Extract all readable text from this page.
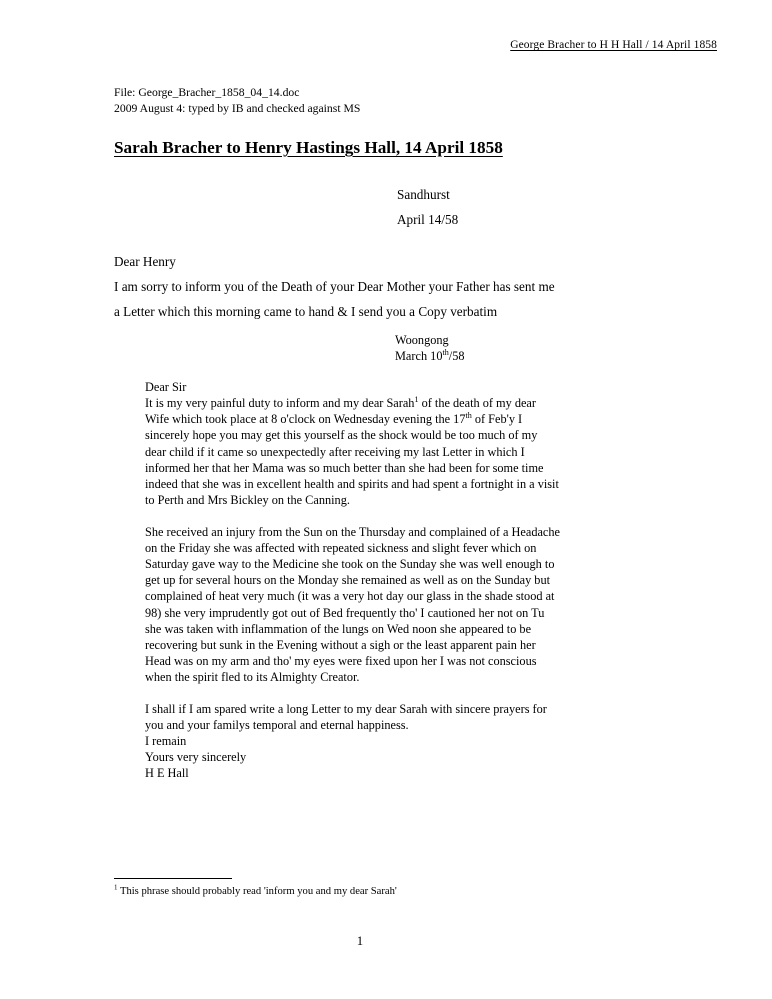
George Bracher to H H Hall / 14 April 1858
File: George_Bracher_1858_04_14.doc
2009 August 4: typed by IB and checked against MS
Sarah Bracher to Henry Hastings Hall, 14 April 1858
Sandhurst
April 14/58
Dear Henry
I am sorry to inform you of the Death of your Dear Mother your Father has sent me a Letter which this morning came to hand & I send you a Copy verbatim
Woongong
March 10th/58
Dear Sir

It is my very painful duty to inform and my dear Sarah$^1$ of the death of my dear Wife which took place at 8 o'clock on Wednesday evening the 17th of Feb'y I sincerely hope you may get this yourself as the shock would be too much of my dear child if it came so unexpectedly after receiving my last Letter in which I informed her that her Mama was so much better than she had been for some time indeed that she was in excellent health and spirits and had spent a fortnight in a visit to Perth and Mrs Bickley on the Canning.

She received an injury from the Sun on the Thursday and complained of a Headache on the Friday she was affected with repeated sickness and slight fever which on Saturday gave way to the Medicine she took on the Sunday she was well enough to get up for several hours on the Monday she remained as well as on the Sunday but complained of heat very much (it was a very hot day our glass in the shade stood at 98) she very imprudently got out of Bed frequently tho' I cautioned her not on Tu she was taken with inflammation of the lungs on Wed noon she appeared to be recovering but sunk in the Evening without a sigh or the least apparent pain her Head was on my arm and tho' my eyes were fixed upon her I was not conscious when the spirit fled to its Almighty Creator.

I shall if I am spared write a long Letter to my dear Sarah with sincere prayers for you and your familys temporal and eternal happiness.

I remain
Yours very sincerely
H E Hall
$^1$ This phrase should probably read 'inform you and my dear Sarah'
1
